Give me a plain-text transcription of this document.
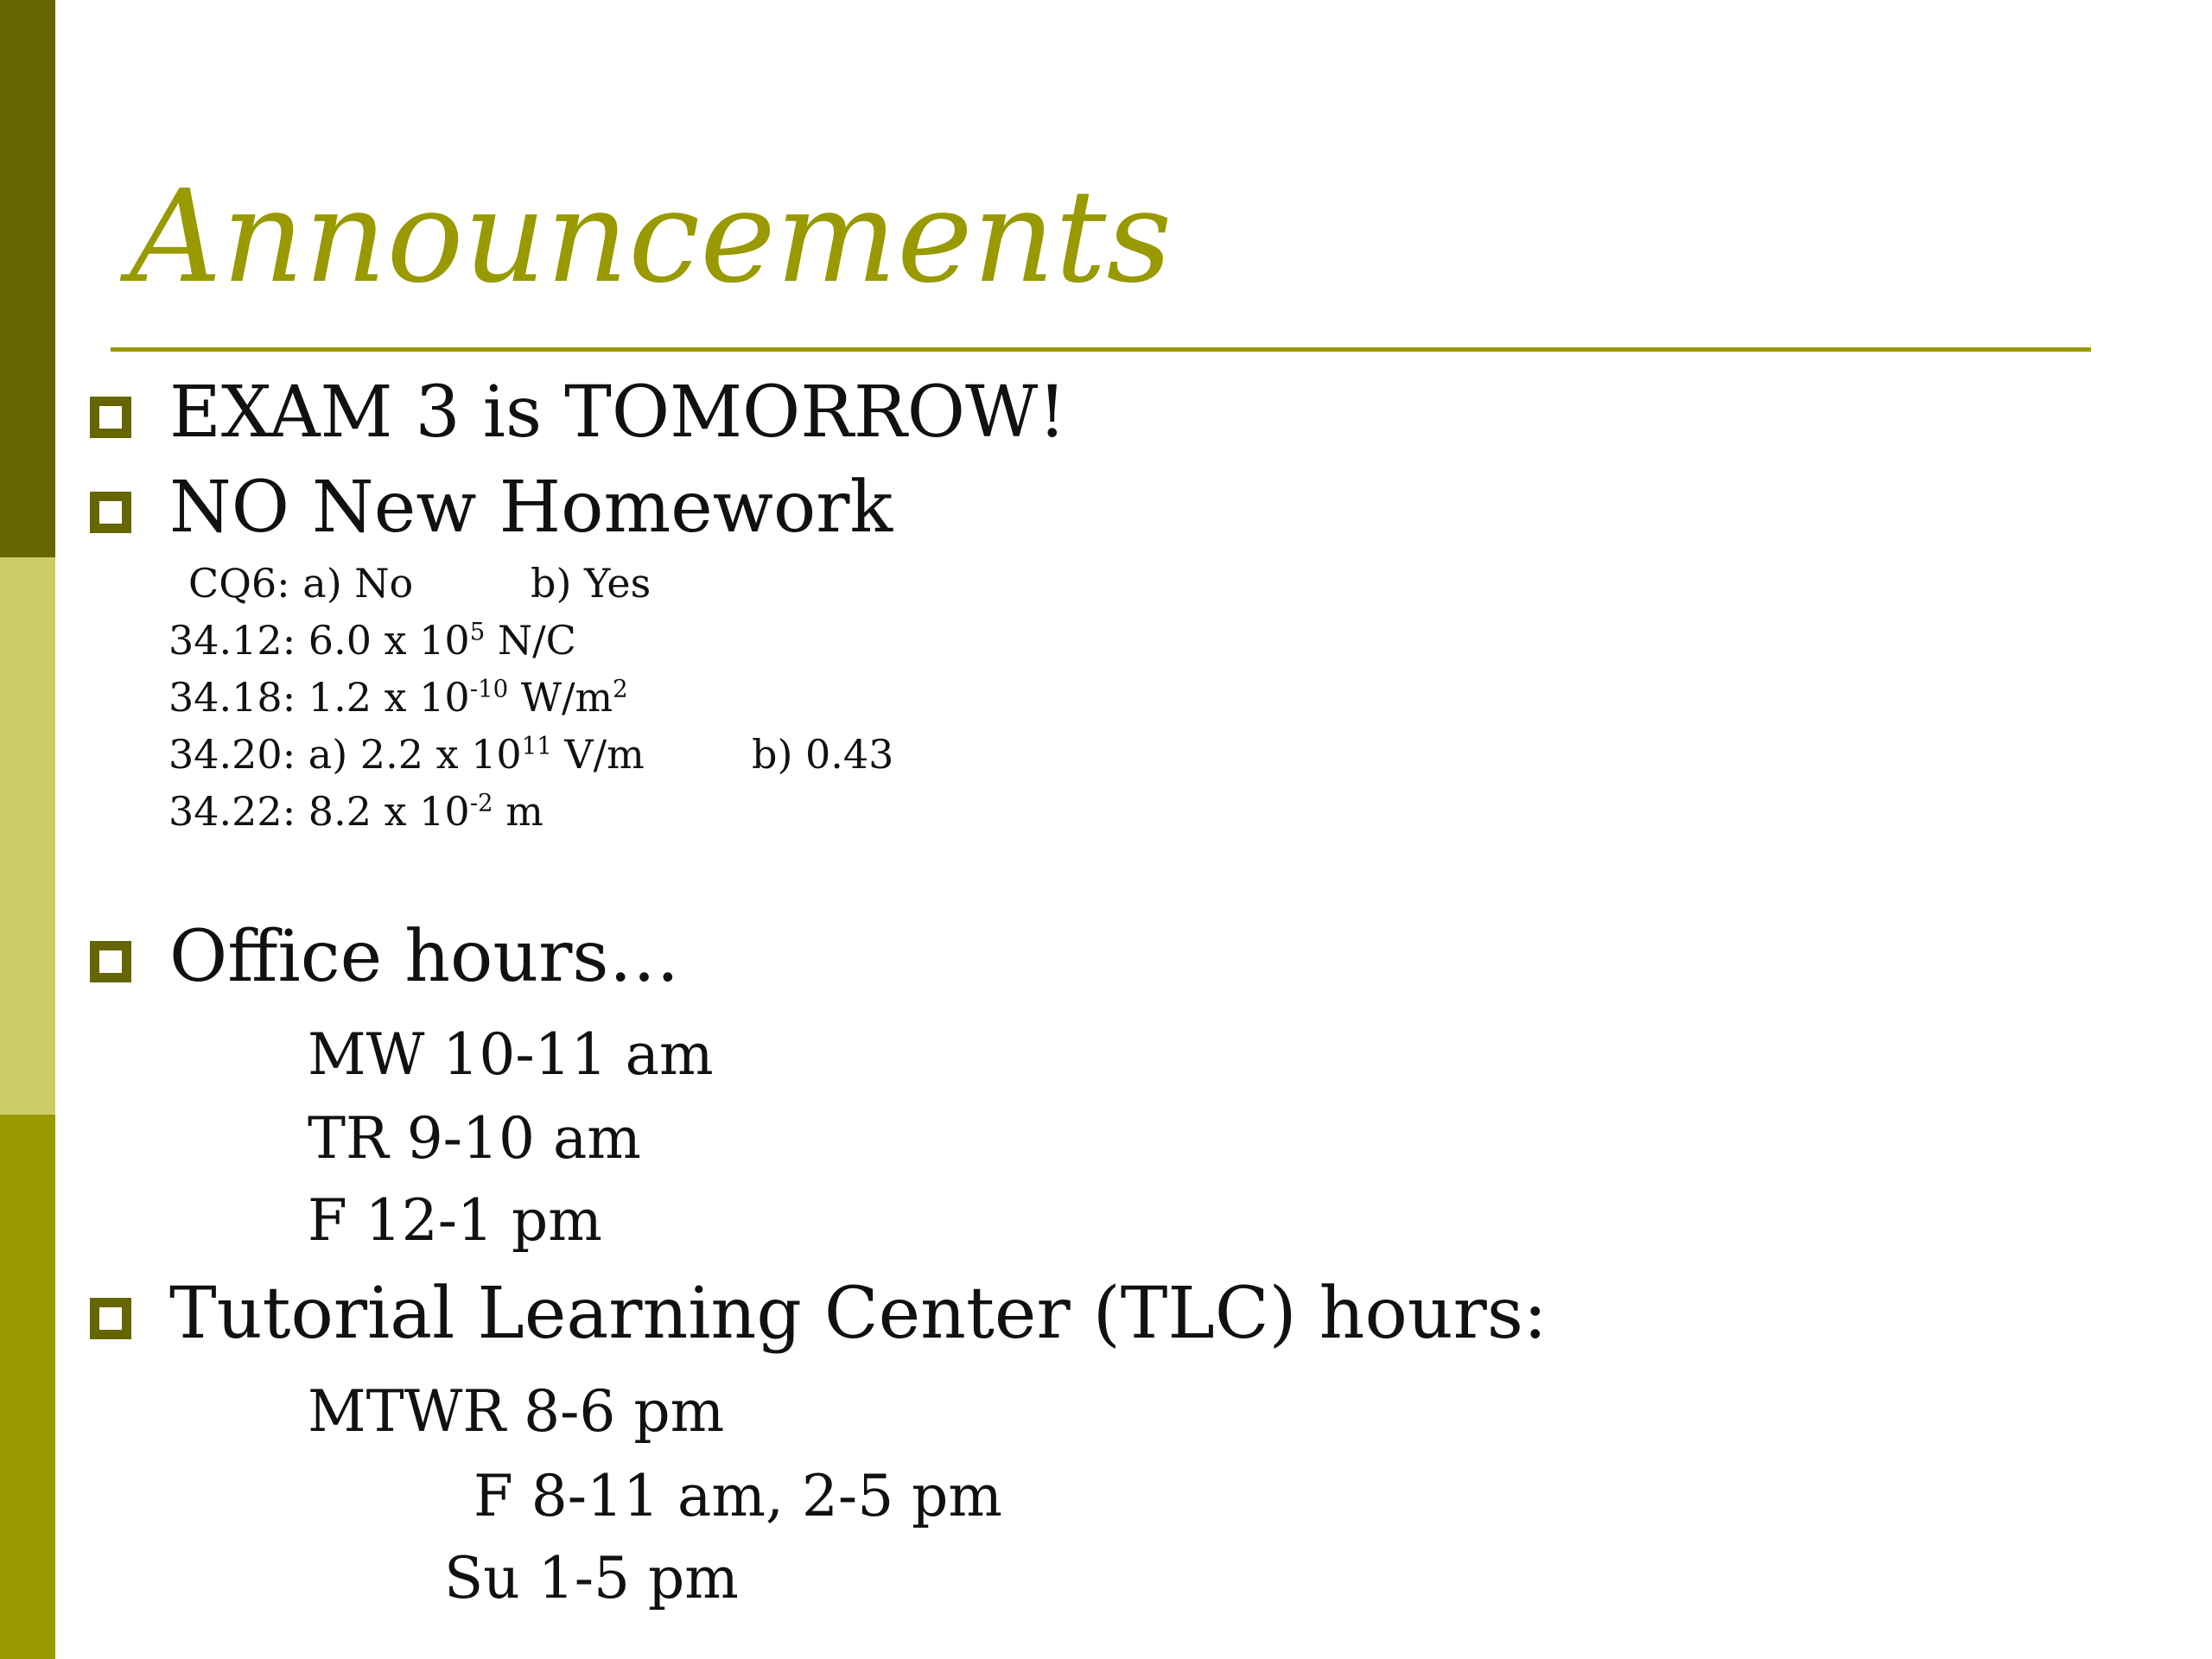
Announcements
EXAM 3 is TOMORROW!
NO New Homework
CQ6: a) No	b) Yes
34.12: 6.0 x $10^5$ N/C
34.18: 1.2 x $10^{-10}$ $W/m^2$
34.20: a) 2.2 x $10^{11}$ V/m	b) 0.43
34.22: 8.2 x $10^{-2}$ m
Office hours…
MW 10-11 am
TR 9-10 am
F 12-1 pm
Tutorial Learning Center (TLC) hours:
MTWR 8-6 pm
F 8-11 am, 2-5 pm
Su 1-5 pm
